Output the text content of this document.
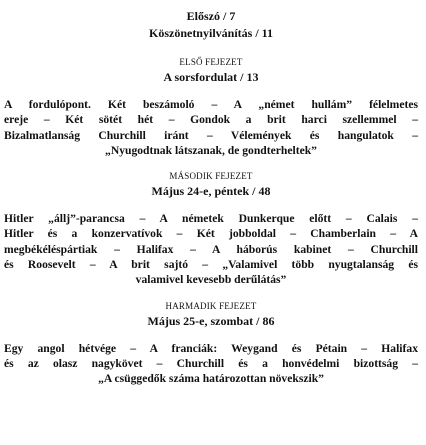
Előszó / 7

Köszönetnyilvánítás / 11

ELSŐ FEJEZET

A sorsfordulat / 13

A fordulópont. Két beszámoló – A „német hullám” félelmetes
ereje – Két sötét hét – Gondok a brit harci szellemmel –
Bizalmatlanság Churchill iránt – Vélemények és hangulatok –
„Nyugodtnak látszanak, de gondterheltek”

MÁSODIK FEJEZET

Május 24-e, péntek / 48

Hitler „állj”-parancsa – A németek Dunkerque előtt – Calais –
Hitler és a konzervatívok – Két jobboldal – Chamberlain – A
megbékéléspártiak – Halifax – A háborús kabinet – Churchill
és Roosevelt – A brit sajtó – „Valamivel több nyugtalanság és
valamivel kevesebb derűlátás”

HARMADIK FEJEZET

Május 25-e, szombat / 86

Egy angol hétvége – A franciák: Weygand és Pétain – Halifax
és az olasz nagykövet – Churchill és a honvédelmi bizottság –
„A csüggedők száma határozottan növekszik”
